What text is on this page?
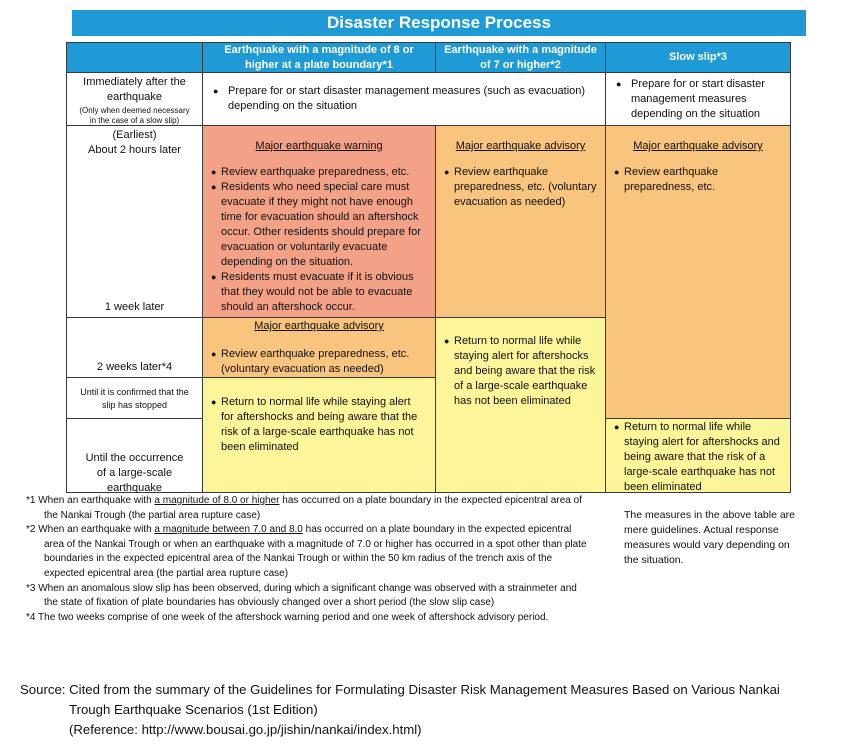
Disaster Response Process
Earthquake with a magnitude of 8 or higher at a plate boundary*1
Earthquake with a magnitude of 7 or higher*2
Slow slip*3
Immediately after the earthquake
(Only when deemed necessary in the case of a slow slip)
(Earliest)
About 2 hours later
1 week later
2 weeks later*4
Until it is confirmed that the slip has stopped
Until the occurrence of a large-scale earthquake
● Prepare for or start disaster management measures (such as evacuation) depending on the situation
● Prepare for or start disaster management measures depending on the situation
Major earthquake warning
● Review earthquake preparedness, etc.
● Residents who need special care must evacuate if they might not have enough time for evacuation should an aftershock occur. Other residents should prepare for evacuation or voluntarily evacuate depending on the situation.
● Residents must evacuate if it is obvious that they would not be able to evacuate should an aftershock occur.
Major earthquake advisory
● Review earthquake preparedness, etc. (voluntary evacuation as needed)
● Return to normal life while staying alert for aftershocks and being aware that the risk of a large-scale earthquake has not been eliminated
Major earthquake advisory
● Review earthquake preparedness, etc. (voluntary evacuation as needed)
● Return to normal life while staying alert for aftershocks and being aware that the risk of a large-scale earthquake has not been eliminated
Major earthquake advisory
● Review earthquake preparedness, etc.
● Return to normal life while staying alert for aftershocks and being aware that the risk of a large-scale earthquake has not been eliminated
The measures in the above table are mere guidelines. Actual response measures would vary depending on the situation.

*1 When an earthquake with a magnitude of 8.0 or higher has occurred on a plate boundary in the expected epicentral area of the Nankai Trough (the partial area rupture case)

*2 When an earthquake with a magnitude between 7.0 and 8.0 has occurred on a plate boundary in the expected epicentral area of the Nankai Trough or when an earthquake with a magnitude of 7.0 or higher has occurred in a spot other than plate boundaries in the expected epicentral area of the Nankai Trough or within the 50 km radius of the trench axis of the expected epicentral area (the partial area rupture case)

*3 When an anomalous slow slip has been observed, during which a significant change was observed with a strainmeter and the state of fixation of plate boundaries has obviously changed over a short period (the slow slip case)

*4 The two weeks comprise of one week of the aftershock warning period and one week of aftershock advisory period.

Source: Cited from the summary of the Guidelines for Formulating Disaster Risk Management Measures Based on Various Nankai

Trough Earthquake Scenarios (1st Edition)

(Reference: http://www.bousai.go.jp/jishin/nankai/index.html)
